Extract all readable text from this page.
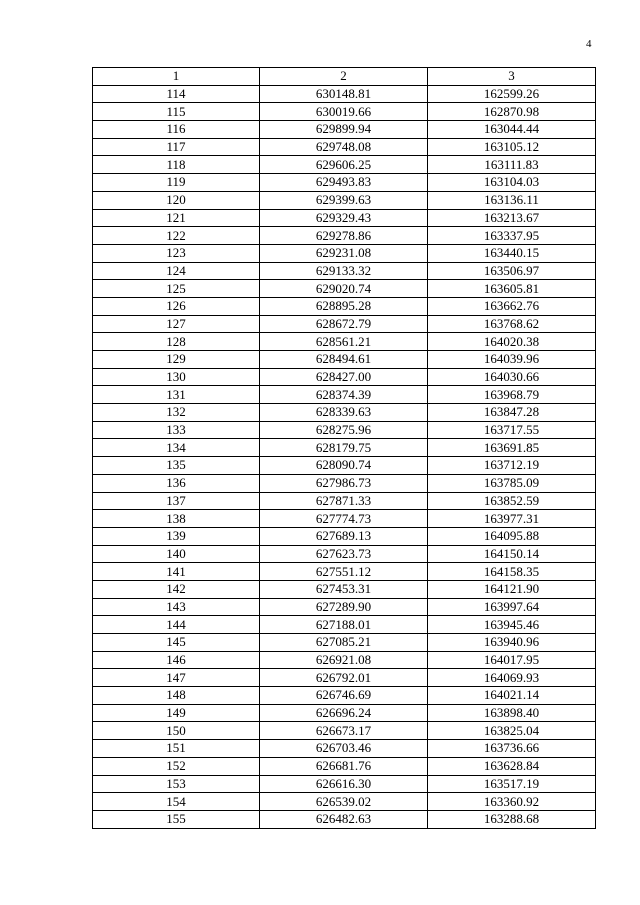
4
1	2	3
114	630148.81	162599.26
115	630019.66	162870.98
116	629899.94	163044.44
117	629748.08	163105.12
118	629606.25	163111.83
119	629493.83	163104.03
120	629399.63	163136.11
121	629329.43	163213.67
122	629278.86	163337.95
123	629231.08	163440.15
124	629133.32	163506.97
125	629020.74	163605.81
126	628895.28	163662.76
127	628672.79	163768.62
128	628561.21	164020.38
129	628494.61	164039.96
130	628427.00	164030.66
131	628374.39	163968.79
132	628339.63	163847.28
133	628275.96	163717.55
134	628179.75	163691.85
135	628090.74	163712.19
136	627986.73	163785.09
137	627871.33	163852.59
138	627774.73	163977.31
139	627689.13	164095.88
140	627623.73	164150.14
141	627551.12	164158.35
142	627453.31	164121.90
143	627289.90	163997.64
144	627188.01	163945.46
145	627085.21	163940.96
146	626921.08	164017.95
147	626792.01	164069.93
148	626746.69	164021.14
149	626696.24	163898.40
150	626673.17	163825.04
151	626703.46	163736.66
152	626681.76	163628.84
153	626616.30	163517.19
154	626539.02	163360.92
155	626482.63	163288.68
